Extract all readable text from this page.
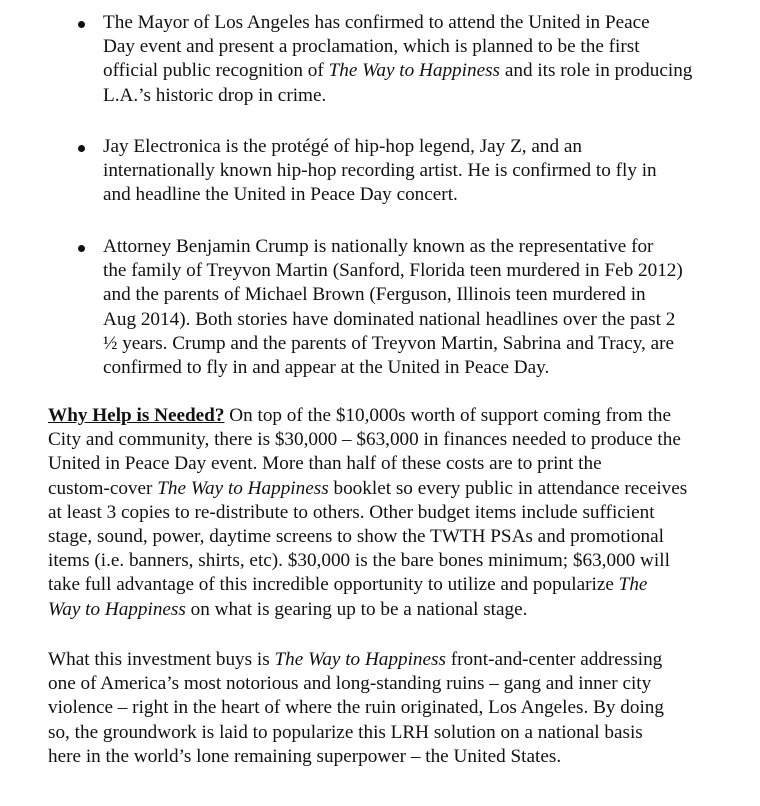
The Mayor of Los Angeles has confirmed to attend the United in Peace
Day event and present a proclamation, which is planned to be the first
official public recognition of The Way to Happiness and its role in producing
L.A.’s historic drop in crime.
Jay Electronica is the protégé of hip-hop legend, Jay Z, and an
internationally known hip-hop recording artist. He is confirmed to fly in
and headline the United in Peace Day concert.
Attorney Benjamin Crump is nationally known as the representative for
the family of Treyvon Martin (Sanford, Florida teen murdered in Feb 2012)
and the parents of Michael Brown (Ferguson, Illinois teen murdered in
Aug 2014). Both stories have dominated national headlines over the past 2
½ years. Crump and the parents of Treyvon Martin, Sabrina and Tracy, are
confirmed to fly in and appear at the United in Peace Day.
Why Help is Needed? On top of the $10,000s worth of support coming from the
City and community, there is $30,000 – $63,000 in finances needed to produce the
United in Peace Day event. More than half of these costs are to print the
custom-cover The Way to Happiness booklet so every public in attendance receives
at least 3 copies to re-distribute to others. Other budget items include sufficient
stage, sound, power, daytime screens to show the TWTH PSAs and promotional
items (i.e. banners, shirts, etc). $30,000 is the bare bones minimum; $63,000 will
take full advantage of this incredible opportunity to utilize and popularize The
Way to Happiness on what is gearing up to be a national stage.
What this investment buys is The Way to Happiness front-and-center addressing
one of America’s most notorious and long-standing ruins – gang and inner city
violence – right in the heart of where the ruin originated, Los Angeles. By doing
so, the groundwork is laid to popularize this LRH solution on a national basis
here in the world’s lone remaining superpower – the United States.
